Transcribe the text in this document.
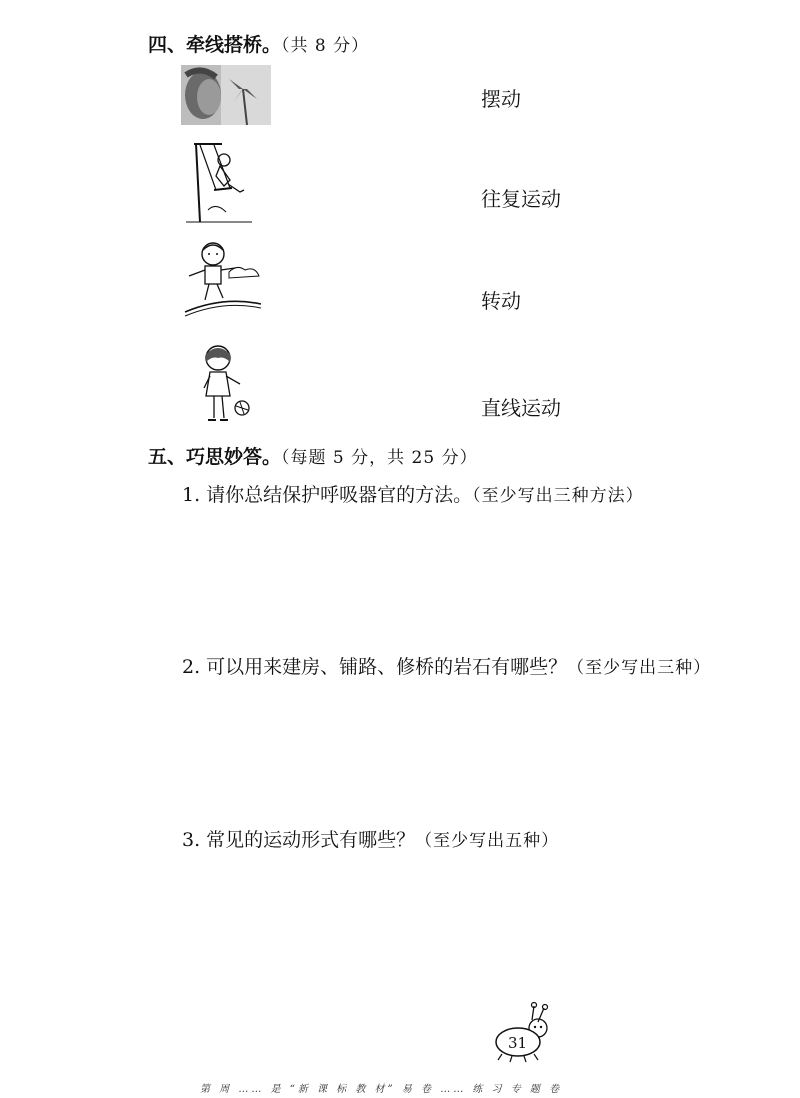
四、牵线搭桥。（共 8 分）
摆动
往复运动
转动
直线运动
五、巧思妙答。（每题 5 分，共 25 分）
1. 请你总结保护呼吸器官的方法。（至少写出三种方法）
2. 可以用来建房、铺路、修桥的岩石有哪些？（至少写出三种）
3. 常见的运动形式有哪些？（至少写出五种）
31
第 周 …… 是 “新 课 标 教 材” 易 卷 …… 练 习 专 题 卷
